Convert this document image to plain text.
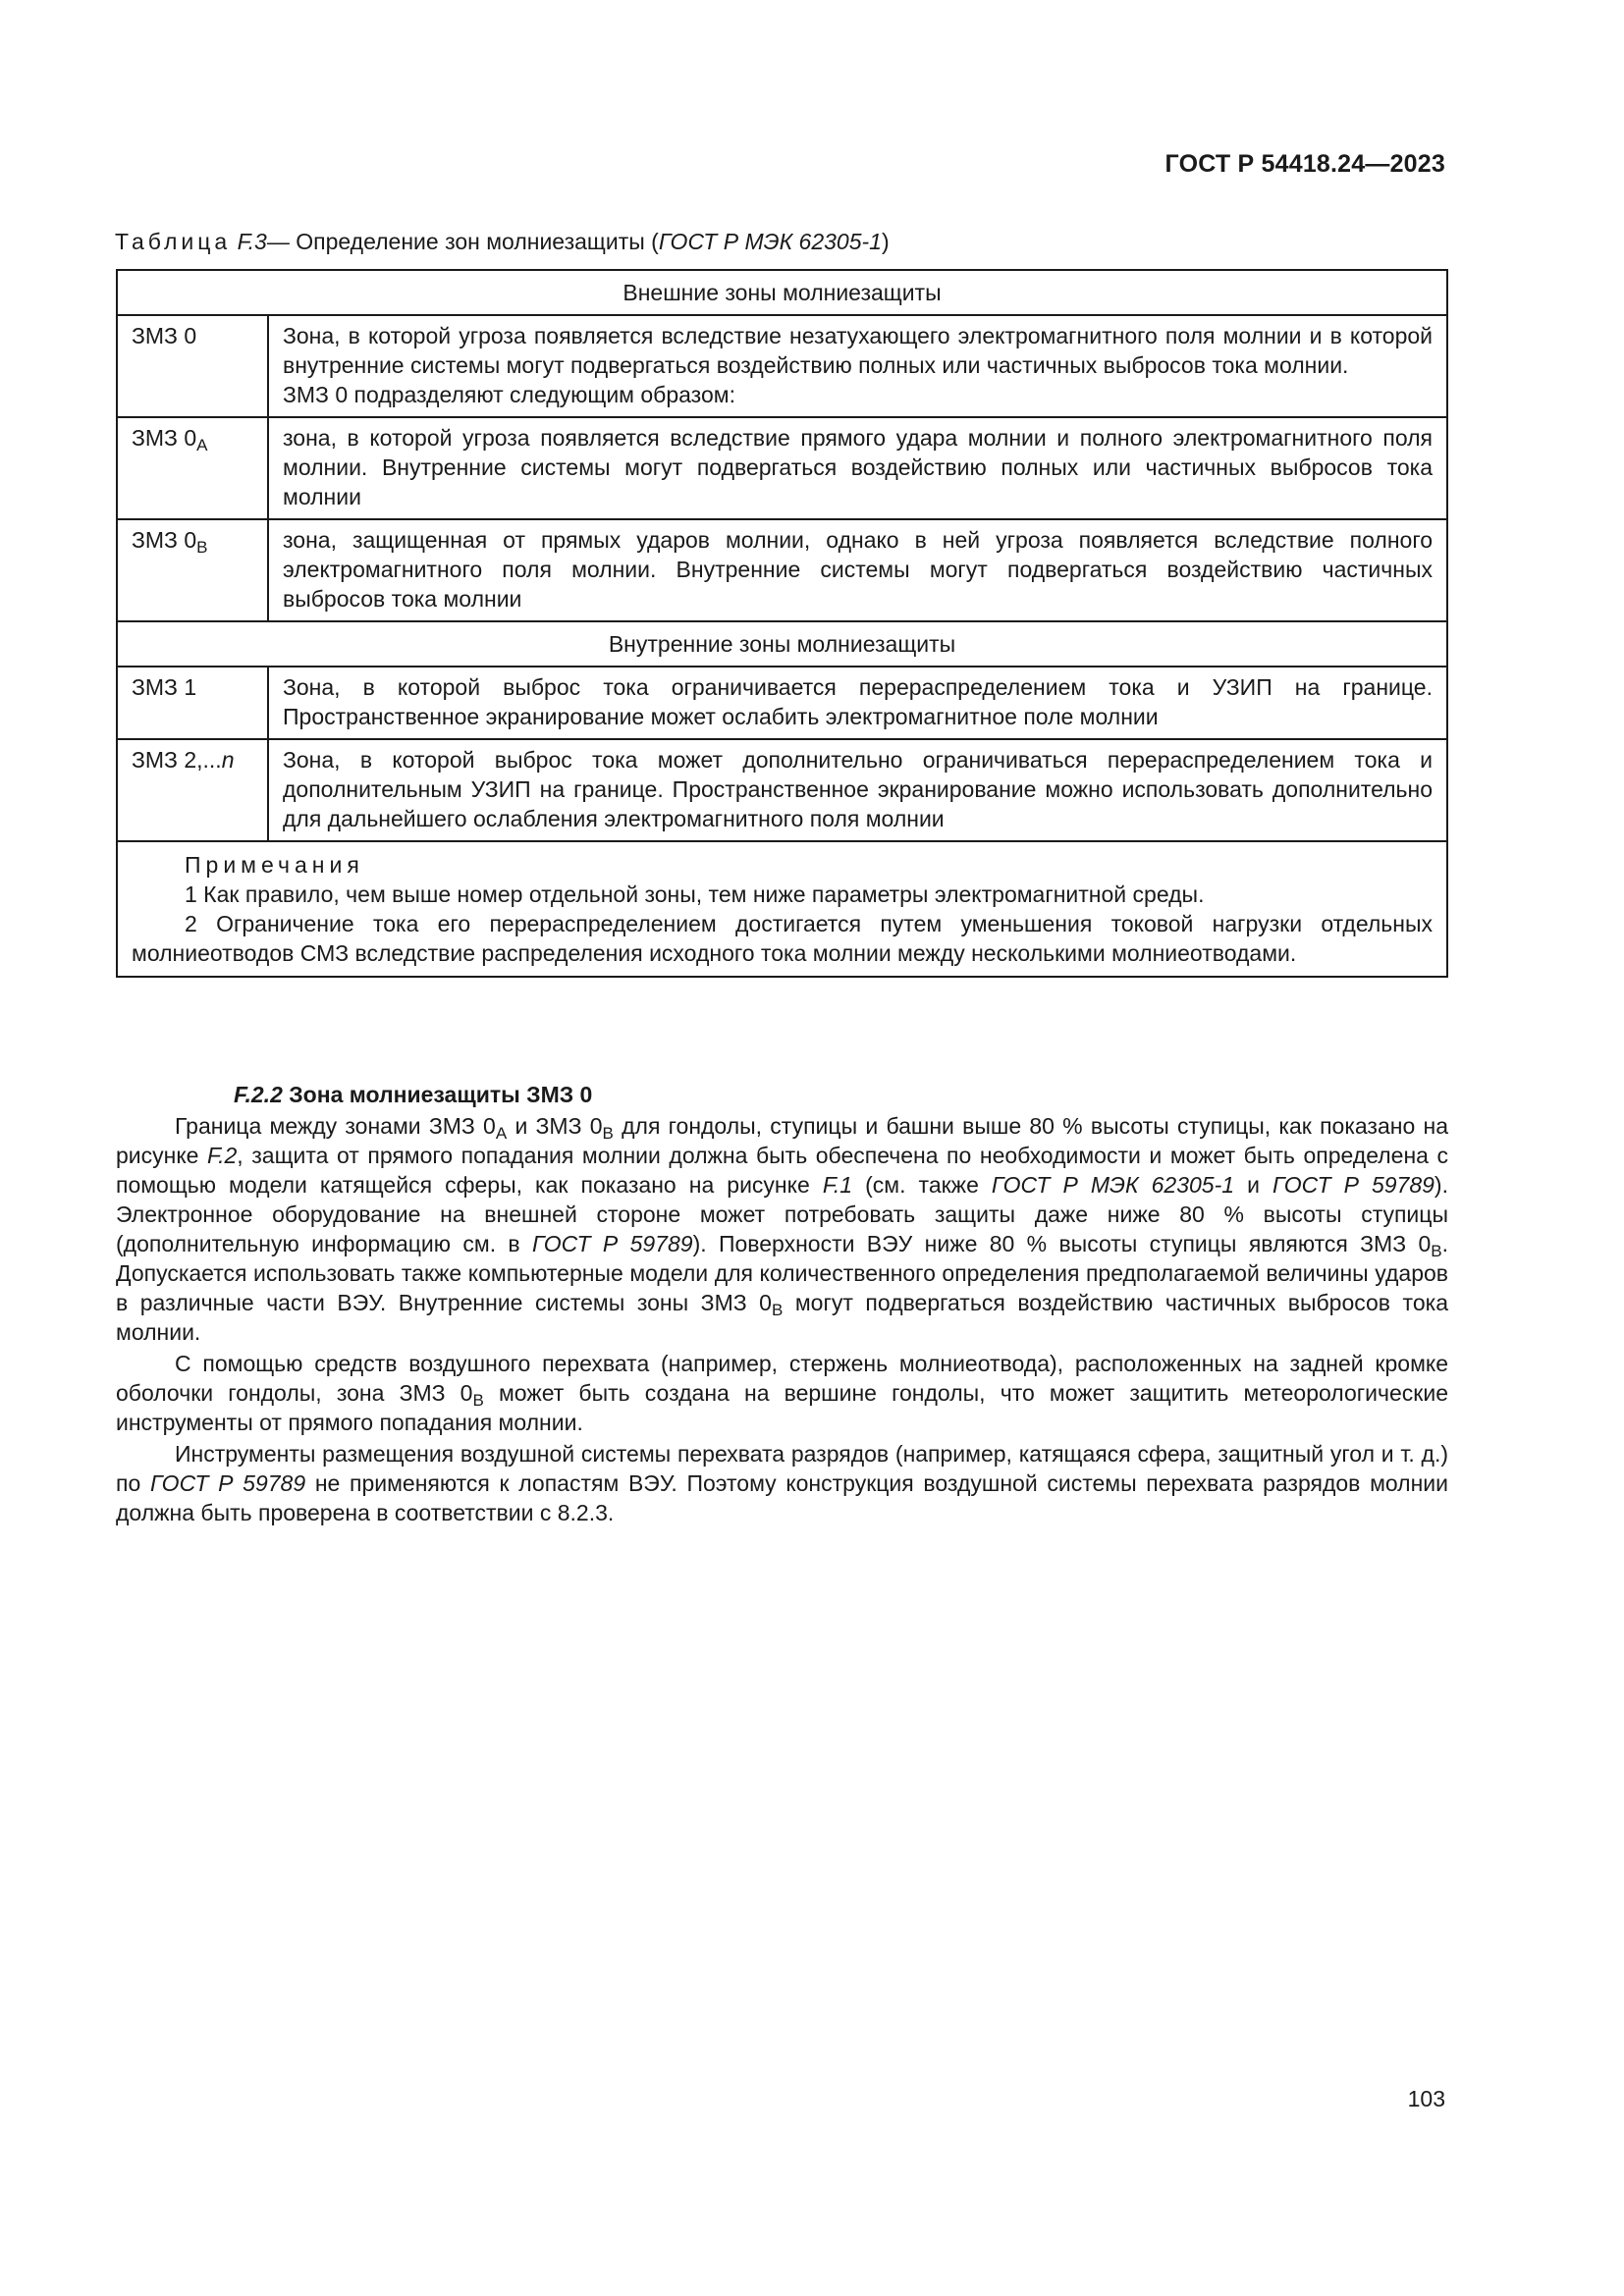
ГОСТ Р 54418.24—2023
Таблица F.3— Определение зон молниезащиты (ГОСТ Р МЭК 62305-1)
Внешние зоны молниезащиты	
ЗМЗ 0	Зона, в которой угроза появляется вследствие незатухающего электромагнитного поля молнии и в которой внутренние системы могут подвергаться воздействию полных или частичных выбросов тока молнии.
ЗМЗ 0 подразделяют следующим образом:

ЗМЗ $0_A$	зона, в которой угроза появляется вследствие прямого удара молнии и полного электромагнитного поля молнии. Внутренние системы могут подвергаться воздействию полных или частичных выбросов тока молнии

ЗМЗ $0_B$	зона, защищенная от прямых ударов молнии, однако в ней угроза появляется вследствие полного электромагнитного поля молнии. Внутренние системы могут подвергаться воздействию частичных выбросов тока молнии

Внутренние зоны молниезащиты	
ЗМЗ 1	Зона, в которой выброс тока ограничивается перераспределением тока и УЗИП на границе. Пространственное экранирование может ослабить электромагнитное поле молнии

ЗМЗ 2,...n	Зона, в которой выброс тока может дополнительно ограничиваться перераспределением тока и дополнительным УЗИП на границе. Пространственное экранирование можно использовать дополнительно для дальнейшего ослабления электромагнитного поля молнии

Примечания
1 Как правило, чем выше номер отдельной зоны, тем ниже параметры электромагнитной среды.
2 Ограничение тока его перераспределением достигается путем уменьшения токовой нагрузки отдельных молниеотводов СМЗ вследствие распределения исходного тока молнии между несколькими молниеотводами.	

F.2.2 Зона молниезащиты ЗМЗ 0

Граница между зонами ЗМЗ $0_A$ и ЗМЗ $0_B$ для гондолы, ступицы и башни выше 80 % высоты ступицы, как показано на рисунке F.2, защита от прямого попадания молнии должна быть обеспечена по необходимости и может быть определена с помощью модели катящейся сферы, как показано на рисунке F.1 (см. также ГОСТ Р МЭК 62305-1 и ГОСТ Р 59789). Электронное оборудование на внешней стороне может потребовать защиты даже ниже 80 % высоты ступицы (дополнительную информацию см. в ГОСТ Р 59789). Поверхности ВЭУ ниже 80 % высоты ступицы являются ЗМЗ $0_B$. Допускается использовать также компьютерные модели для количественного определения предполагаемой величины ударов в различные части ВЭУ. Внутренние системы зоны ЗМЗ $0_B$ могут подвергаться воздействию частичных выбросов тока молнии.

С помощью средств воздушного перехвата (например, стержень молниеотвода), расположенных на задней кромке оболочки гондолы, зона ЗМЗ $0_B$ может быть создана на вершине гондолы, что может защитить метеорологические инструменты от прямого попадания молнии.

Инструменты размещения воздушной системы перехвата разрядов (например, катящаяся сфера, защитный угол и т. д.) по ГОСТ Р 59789 не применяются к лопастям ВЭУ. Поэтому конструкция воздушной системы перехвата разрядов молнии должна быть проверена в соответствии с 8.2.3.

103
